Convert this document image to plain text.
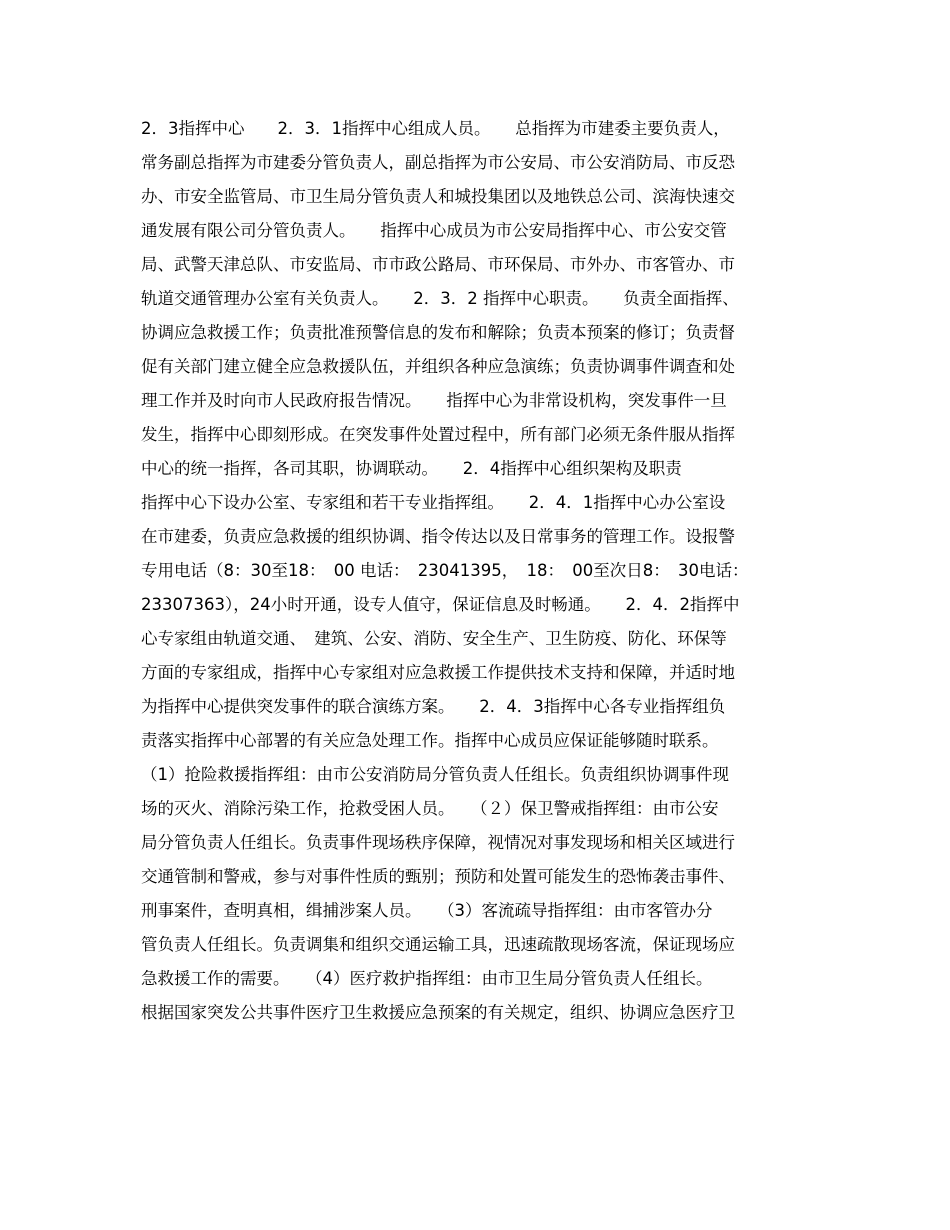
2．3指挥中心　　2．3．1指挥中心组成人员。　　总指挥为市建委主要负责人，
常务副总指挥为市建委分管负责人，副总指挥为市公安局、市公安消防局、市反恐
办、市安全监管局、市卫生局分管负责人和城投集团以及地铁总公司、滨海快速交
通发展有限公司分管负责人。　　指挥中心成员为市公安局指挥中心、市公安交管
局、武警天津总队、市安监局、市市政公路局、市环保局、市外办、市客管办、市
轨道交通管理办公室有关负责人。　　2．3．2 指挥中心职责。　　负责全面指挥、
协调应急救援工作；负责批准预警信息的发布和解除；负责本预案的修订；负责督
促有关部门建立健全应急救援队伍，并组织各种应急演练；负责协调事件调查和处
理工作并及时向市人民政府报告情况。　　指挥中心为非常设机构，突发事件一旦
发生，指挥中心即刻形成。在突发事件处置过程中，所有部门必须无条件服从指挥
中心的统一指挥，各司其职，协调联动。　　2．4指挥中心组织架构及职责
指挥中心下设办公室、专家组和若干专业指挥组。　　2．4．1指挥中心办公室设
在市建委，负责应急救援的组织协调、指令传达以及日常事务的管理工作。设报警
专用电话（8：30至18：　00 电话：　23041395，　18：　00至次日8：　30电话：
23307363），24小时开通，设专人值守，保证信息及时畅通。　　2．4．2指挥中
心专家组由轨道交通、　建筑、公安、消防、安全生产、卫生防疫、防化、环保等
方面的专家组成，指挥中心专家组对应急救援工作提供技术支持和保障，并适时地
为指挥中心提供突发事件的联合演练方案。　　2．4．3指挥中心各专业指挥组负
责落实指挥中心部署的有关应急处理工作。指挥中心成员应保证能够随时联系。
（1）抢险救援指挥组：由市公安消防局分管负责人任组长。负责组织协调事件现
场的灭火、消除污染工作，抢救受困人员。　　（２）保卫警戒指挥组：由市公安
局分管负责人任组长。负责事件现场秩序保障，视情况对事发现场和相关区域进行
交通管制和警戒，参与对事件性质的甄别；预防和处置可能发生的恐怖袭击事件、
刑事案件，查明真相，缉捕涉案人员。　　（3）客流疏导指挥组：由市客管办分
管负责人任组长。负责调集和组织交通运输工具，迅速疏散现场客流，保证现场应
急救援工作的需要。　　（4）医疗救护指挥组：由市卫生局分管负责人任组长。
根据国家突发公共事件医疗卫生救援应急预案的有关规定，组织、协调应急医疗卫
